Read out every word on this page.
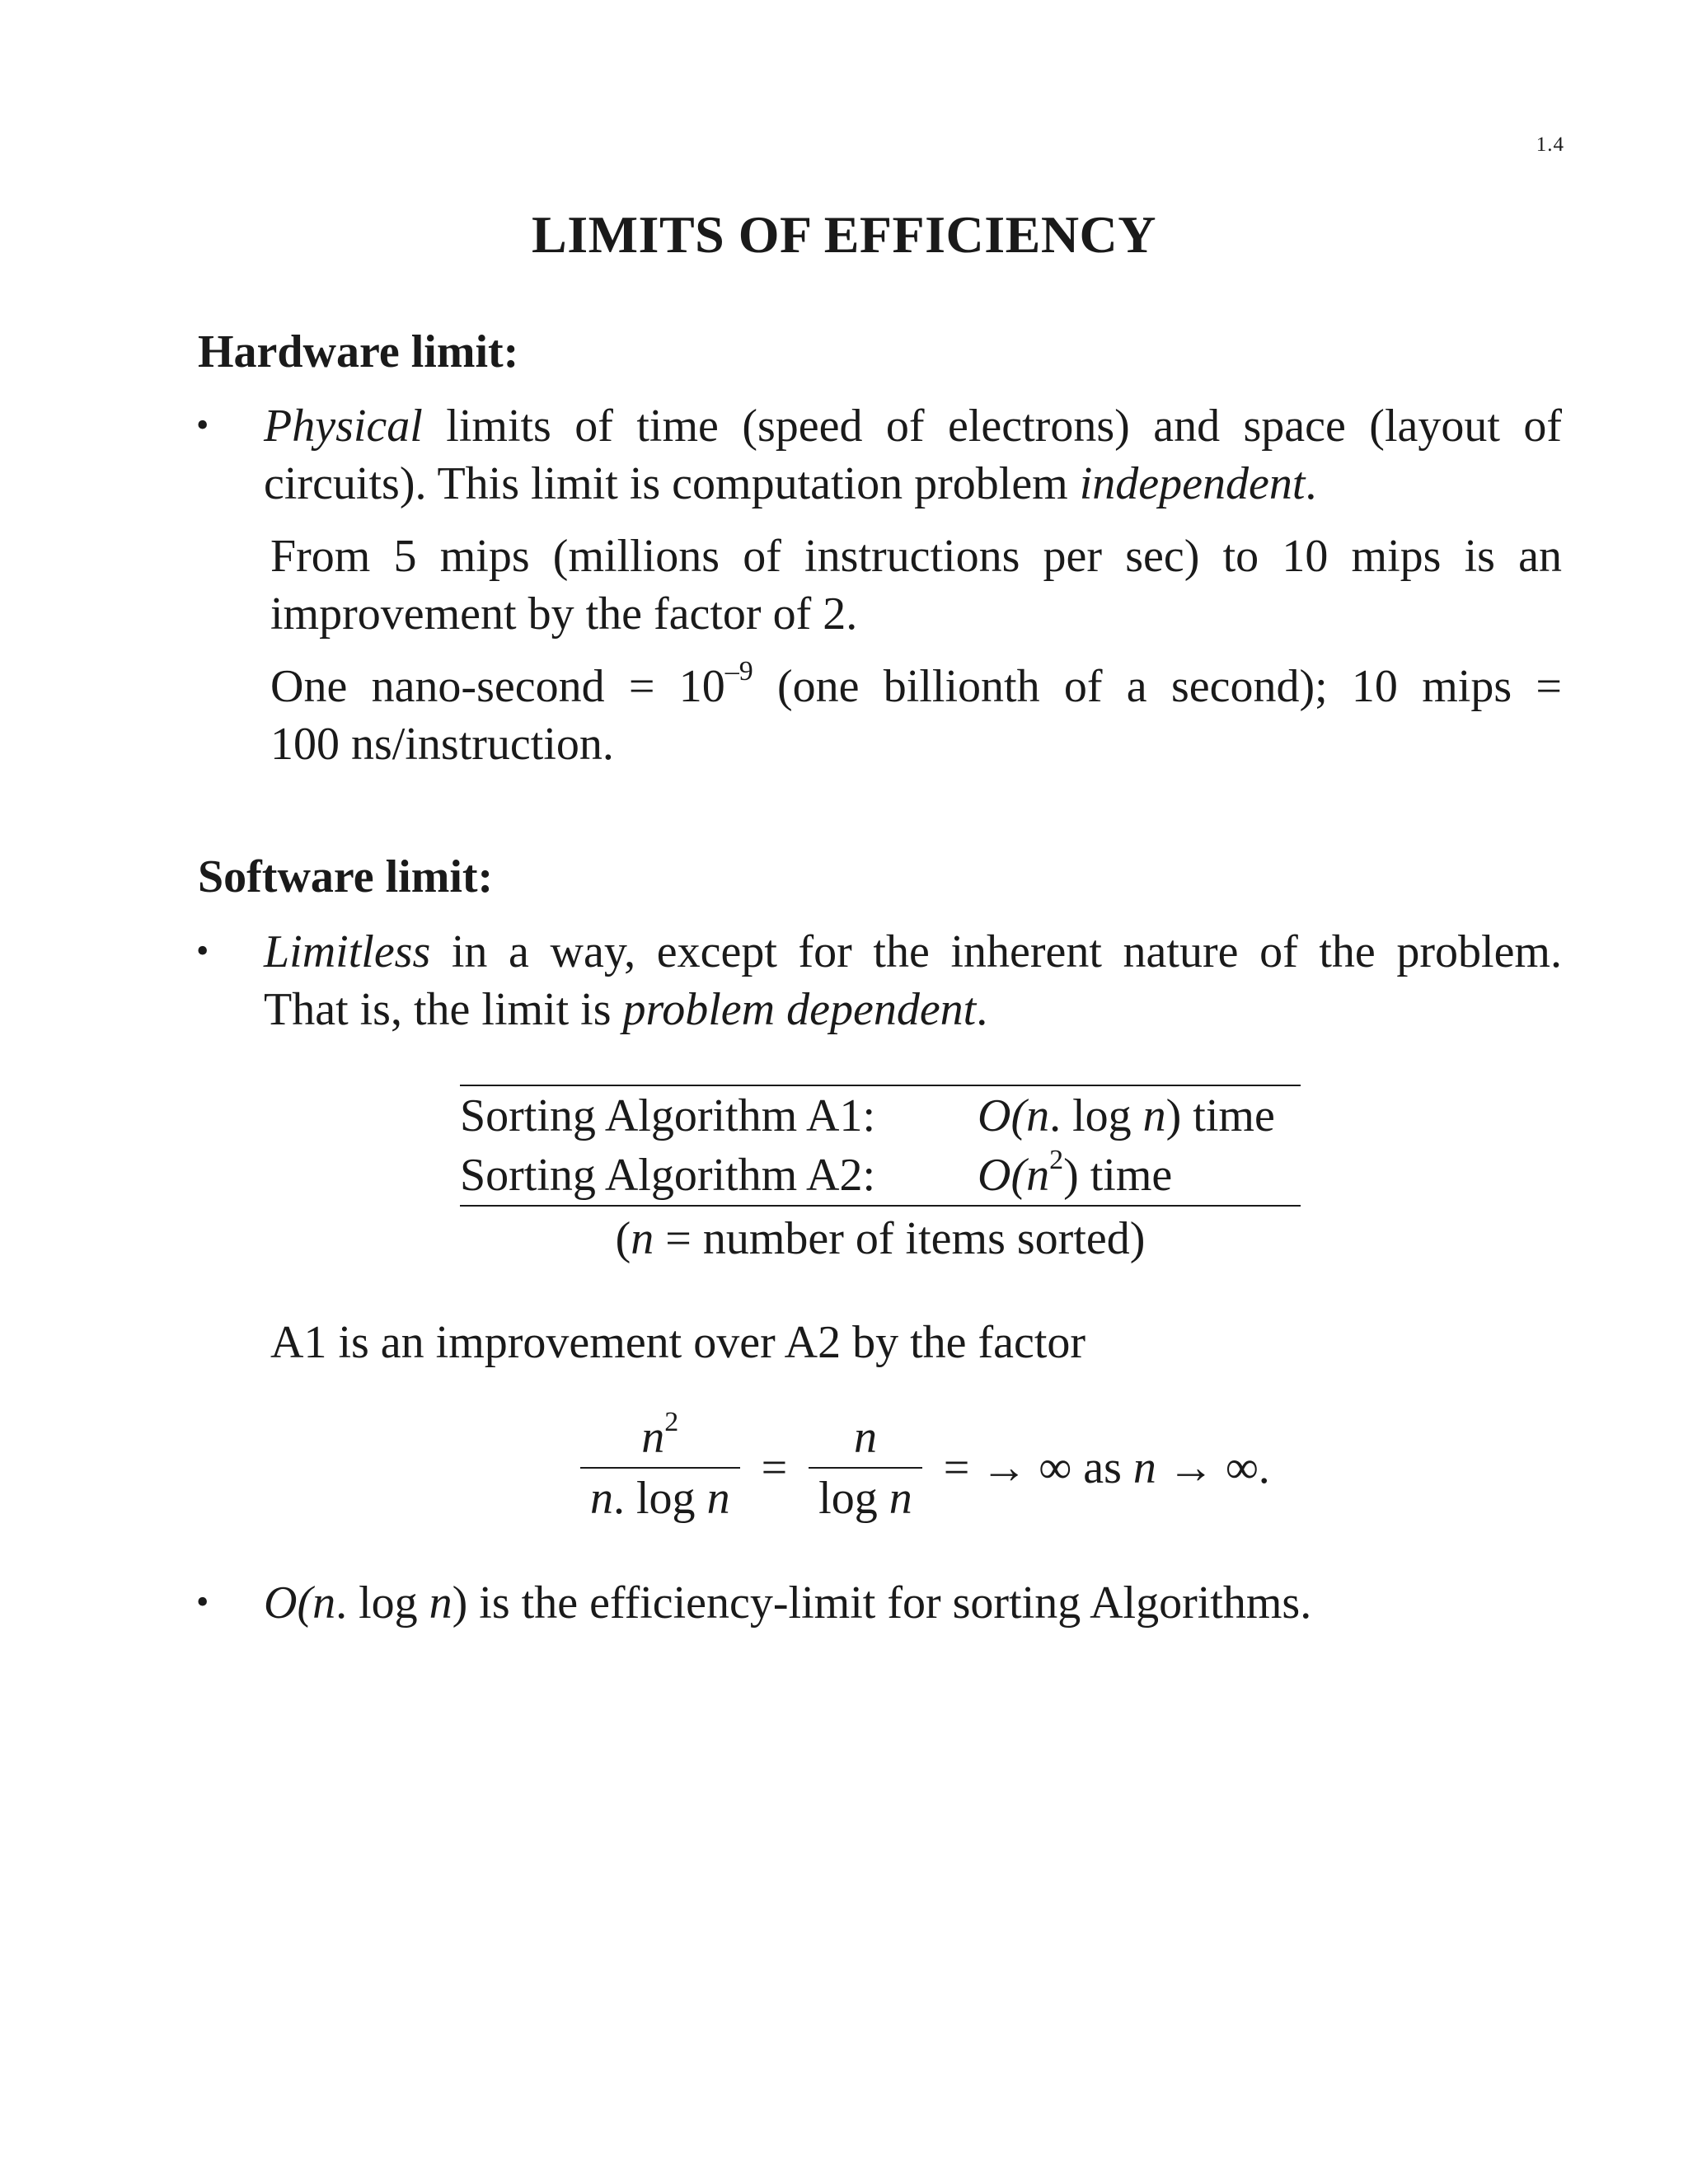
1.4
LIMITS OF EFFICIENCY
Hardware limit:
• Physical limits of time (speed of electrons) and space (layout of
circuits). This limit is computation problem independent.
From 5 mips (millions of instructions per sec) to 10 mips is an
improvement by the factor of 2.
One nano-second = $10^{-9}$ (one billionth of a second); 10 mips =
100 ns/instruction.
Software limit:
• Limitless in a way, except for the inherent nature of the problem.
That is, the limit is problem dependent.
Sorting Algorithm A1:	O(n. log n) time
Sorting Algorithm A2:	$O(n^2)$ time
(n = number of items sorted)
A1 is an improvement over A2 by the factor
$\frac{n^2}{\text{n. log n}} = \frac{n}{\text{log n}}$ = → ∞ as n → ∞.
• O(n. log n) is the efficiency-limit for sorting Algorithms.
